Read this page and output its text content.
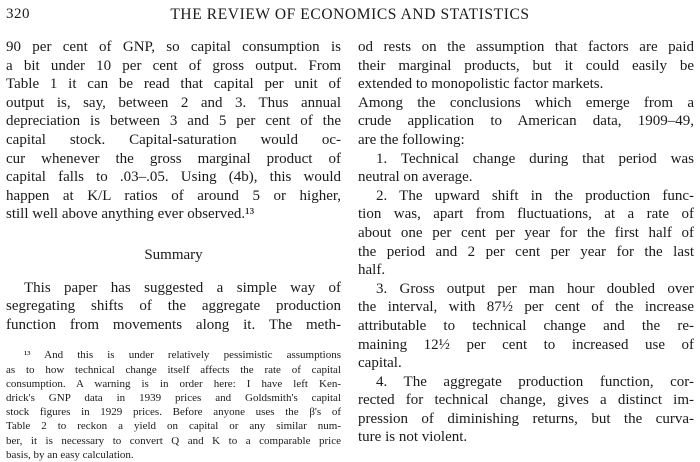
320	THE REVIEW OF ECONOMICS AND STATISTICS

90 per cent of GNP, so capital consumption is
a bit under 10 per cent of gross output. From
Table 1 it can be read that capital per unit of
output is, say, between 2 and 3. Thus annual
depreciation is between 3 and 5 per cent of the
capital stock. Capital-saturation would oc-
cur whenever the gross marginal product of
capital falls to .03–.05. Using (4b), this would
happen at K/L ratios of around 5 or higher,
still well above anything ever observed.¹³

Summary

This paper has suggested a simple way of
segregating shifts of the aggregate production
function from movements along it. The meth-

¹³ And this is under relatively pessimistic assumptions
as to how technical change itself affects the rate of capital
consumption. A warning is in order here: I have left Ken-
drick's GNP data in 1939 prices and Goldsmith's capital
stock figures in 1929 prices. Before anyone uses the β's of
Table 2 to reckon a yield on capital or any similar num-
ber, it is necessary to convert Q and K to a comparable price
basis, by an easy calculation.

od rests on the assumption that factors are paid
their marginal products, but it could easily be
extended to monopolistic factor markets.
Among the conclusions which emerge from a
crude application to American data, 1909–49,
are the following:

1. Technical change during that period was
neutral on average.

2. The upward shift in the production func-
tion was, apart from fluctuations, at a rate of
about one per cent per year for the first half of
the period and 2 per cent per year for the last
half.

3. Gross output per man hour doubled over
the interval, with 87½ per cent of the increase
attributable to technical change and the re-
maining 12½ per cent to increased use of
capital.

4. The aggregate production function, cor-
rected for technical change, gives a distinct im-
pression of diminishing returns, but the curva-
ture is not violent.
